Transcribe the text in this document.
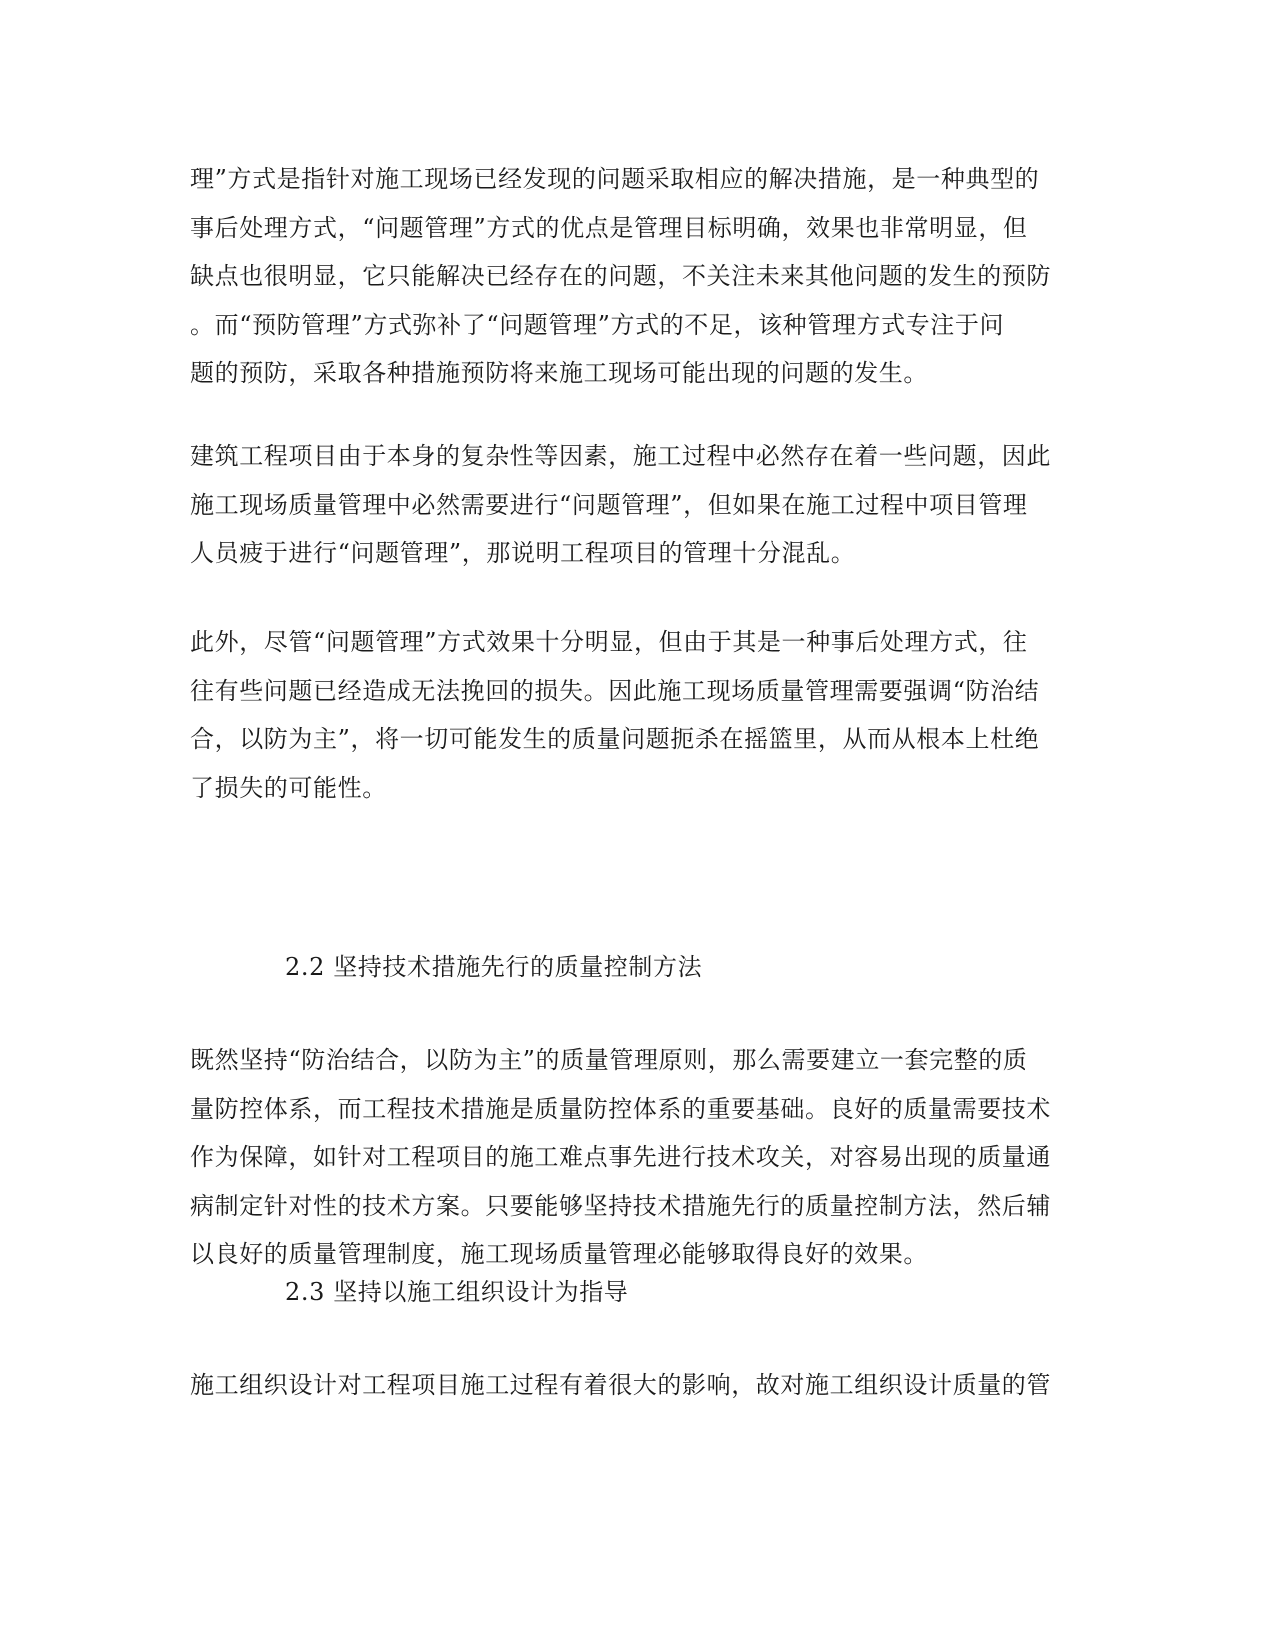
理”方式是指针对施工现场已经发现的问题采取相应的解决措施，是一种典型的
事后处理方式，“问题管理”方式的优点是管理目标明确，效果也非常明显，但
缺点也很明显，它只能解决已经存在的问题，不关注未来其他问题的发生的预防
。而“预防管理”方式弥补了“问题管理”方式的不足，该种管理方式专注于问
题的预防，采取各种措施预防将来施工现场可能出现的问题的发生。

建筑工程项目由于本身的复杂性等因素，施工过程中必然存在着一些问题，因此
施工现场质量管理中必然需要进行“问题管理”，但如果在施工过程中项目管理
人员疲于进行“问题管理”，那说明工程项目的管理十分混乱。

此外，尽管“问题管理”方式效果十分明显，但由于其是一种事后处理方式，往
往有些问题已经造成无法挽回的损失。因此施工现场质量管理需要强调“防治结
合，以防为主”，将一切可能发生的质量问题扼杀在摇篮里，从而从根本上杜绝
了损失的可能性。

2.2 坚持技术措施先行的质量控制方法

既然坚持“防治结合，以防为主”的质量管理原则，那么需要建立一套完整的质
量防控体系，而工程技术措施是质量防控体系的重要基础。良好的质量需要技术
作为保障，如针对工程项目的施工难点事先进行技术攻关，对容易出现的质量通
病制定针对性的技术方案。只要能够坚持技术措施先行的质量控制方法，然后辅
以良好的质量管理制度，施工现场质量管理必能够取得良好的效果。

2.3 坚持以施工组织设计为指导

施工组织设计对工程项目施工过程有着很大的影响，故对施工组织设计质量的管
